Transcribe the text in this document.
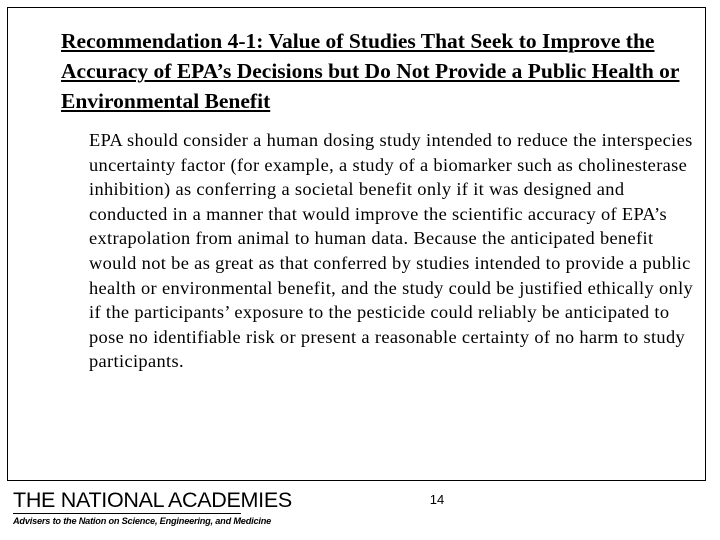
Recommendation 4-1: Value of Studies That Seek to Improve the Accuracy of EPA’s Decisions but Do Not Provide a Public Health or Environmental Benefit

EPA should consider a human dosing study intended to reduce the interspecies uncertainty factor (for example, a study of a biomarker such as cholinesterase inhibition) as conferring a societal benefit only if it was designed and conducted in a manner that would improve the scientific accuracy of EPA’s extrapolation from animal to human data. Because the anticipated benefit would not be as great as that conferred by studies intended to provide a public health or environmental benefit, and the study could be justified ethically only if the participants’ exposure to the pesticide could reliably be anticipated to pose no identifiable risk or present a reasonable certainty of no harm to study participants.

14
THE NATIONAL ACADEMIES
Advisers to the Nation on Science, Engineering, and Medicine
